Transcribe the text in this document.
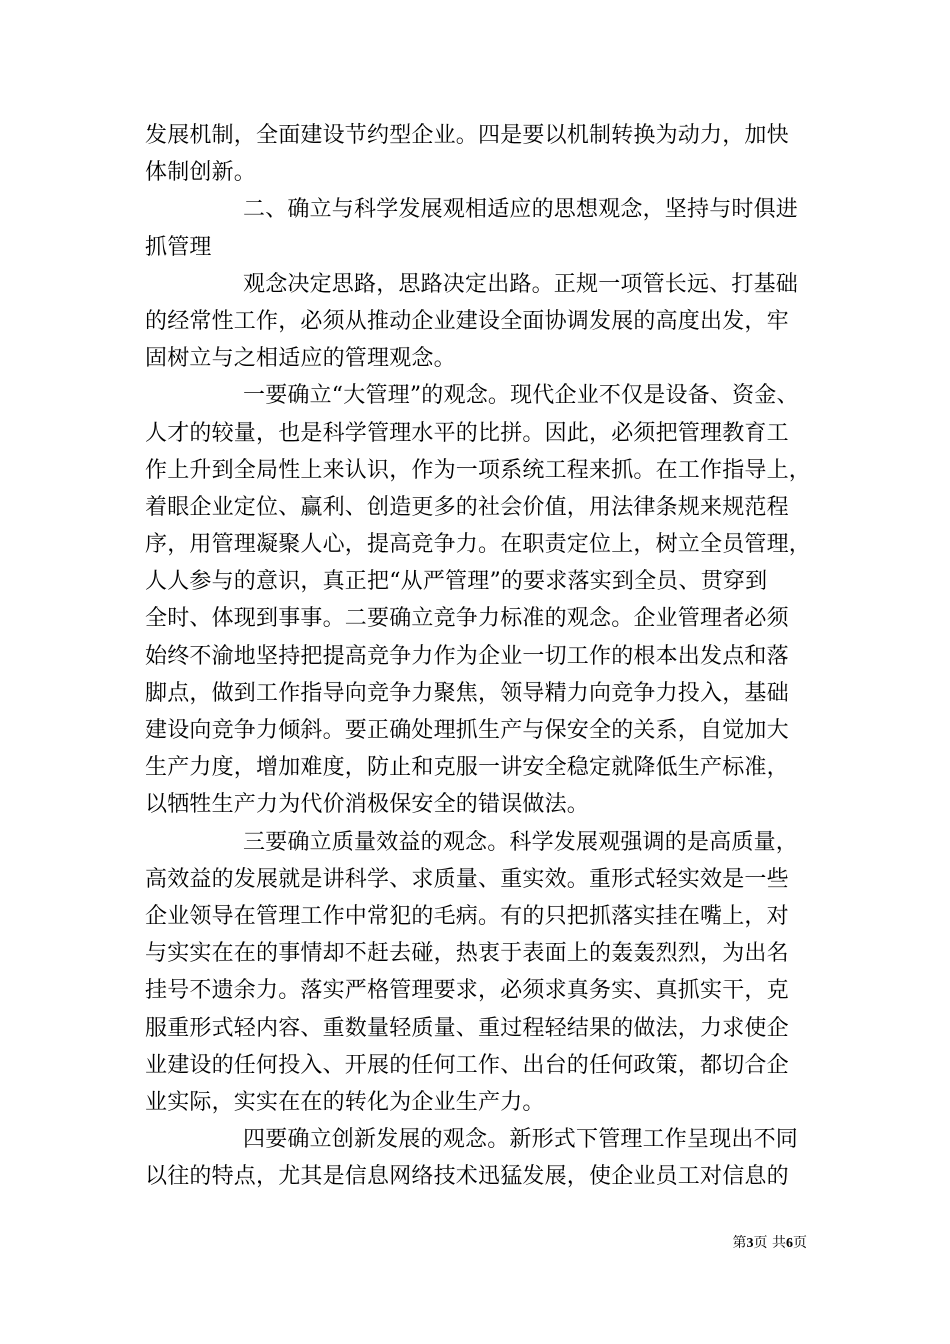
发展机制，全面建设节约型企业。四是要以机制转换为动力，加快
体制创新。
二、确立与科学发展观相适应的思想观念，坚持与时俱进
抓管理
观念决定思路，思路决定出路。正规一项管长远、打基础
的经常性工作，必须从推动企业建设全面协调发展的高度出发，牢
固树立与之相适应的管理观念。
一要确立“大管理”的观念。现代企业不仅是设备、资金、
人才的较量，也是科学管理水平的比拼。因此，必须把管理教育工
作上升到全局性上来认识，作为一项系统工程来抓。在工作指导上，
着眼企业定位、赢利、创造更多的社会价值，用法律条规来规范程
序，用管理凝聚人心，提高竞争力。在职责定位上，树立全员管理，
人人参与的意识，真正把“从严管理”的要求落实到全员、贯穿到
全时、体现到事事。二要确立竞争力标准的观念。企业管理者必须
始终不渝地坚持把提高竞争力作为企业一切工作的根本出发点和落
脚点，做到工作指导向竞争力聚焦，领导精力向竞争力投入，基础
建设向竞争力倾斜。要正确处理抓生产与保安全的关系，自觉加大
生产力度，增加难度，防止和克服一讲安全稳定就降低生产标准，
以牺牲生产力为代价消极保安全的错误做法。
三要确立质量效益的观念。科学发展观强调的是高质量，
高效益的发展就是讲科学、求质量、重实效。重形式轻实效是一些
企业领导在管理工作中常犯的毛病。有的只把抓落实挂在嘴上，对
与实实在在的事情却不赶去碰，热衷于表面上的轰轰烈烈，为出名
挂号不遗余力。落实严格管理要求，必须求真务实、真抓实干，克
服重形式轻内容、重数量轻质量、重过程轻结果的做法，力求使企
业建设的任何投入、开展的任何工作、出台的任何政策，都切合企
业实际，实实在在的转化为企业生产力。
四要确立创新发展的观念。新形式下管理工作呈现出不同
以往的特点，尤其是信息网络技术迅猛发展，使企业员工对信息的
第3页 共6页
